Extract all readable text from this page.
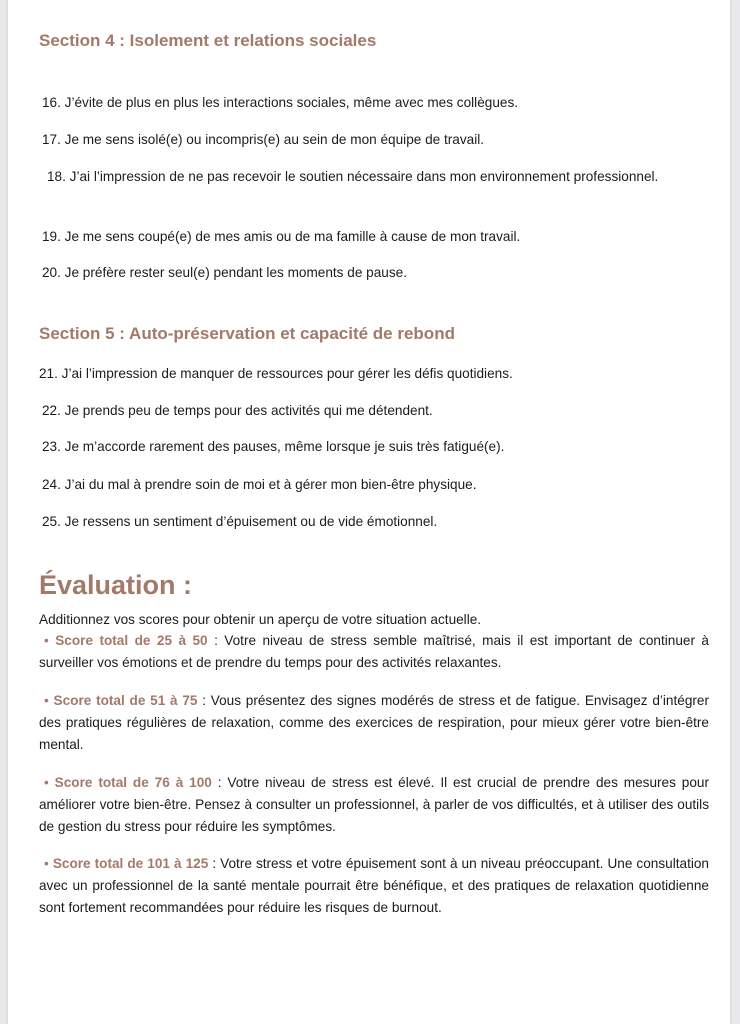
Section 4 : Isolement et relations sociales

16. J’évite de plus en plus les interactions sociales, même avec mes collègues.

17. Je me sens isolé(e) ou incompris(e) au sein de mon équipe de travail.

18. J’ai l’impression de ne pas recevoir le soutien nécessaire dans mon environnement professionnel.

19. Je me sens coupé(e) de mes amis ou de ma famille à cause de mon travail.

20. Je préfère rester seul(e) pendant les moments de pause.

Section 5 : Auto-préservation et capacité de rebond

21. J’ai l’impression de manquer de ressources pour gérer les défis quotidiens.

22. Je prends peu de temps pour des activités qui me détendent.

23. Je m’accorde rarement des pauses, même lorsque je suis très fatigué(e).

24. J’ai du mal à prendre soin de moi et à gérer mon bien-être physique.

25. Je ressens un sentiment d’épuisement ou de vide émotionnel.

Évaluation :

Additionnez vos scores pour obtenir un aperçu de votre situation actuelle.

• Score total de 25 à 50 : Votre niveau de stress semble maîtrisé, mais il est important de continuer à surveiller vos émotions et de prendre du temps pour des activités relaxantes.

• Score total de 51 à 75 : Vous présentez des signes modérés de stress et de fatigue. Envisagez d’intégrer des pratiques régulières de relaxation, comme des exercices de respiration, pour mieux gérer votre bien-être mental.

• Score total de 76 à 100 : Votre niveau de stress est élevé. Il est crucial de prendre des mesures pour améliorer votre bien-être. Pensez à consulter un professionnel, à parler de vos difficultés, et à utiliser des outils de gestion du stress pour réduire les symptômes.

• Score total de 101 à 125 : Votre stress et votre épuisement sont à un niveau préoccupant. Une consultation avec un professionnel de la santé mentale pourrait être bénéfique, et des pratiques de relaxation quotidienne sont fortement recommandées pour réduire les risques de burnout.
